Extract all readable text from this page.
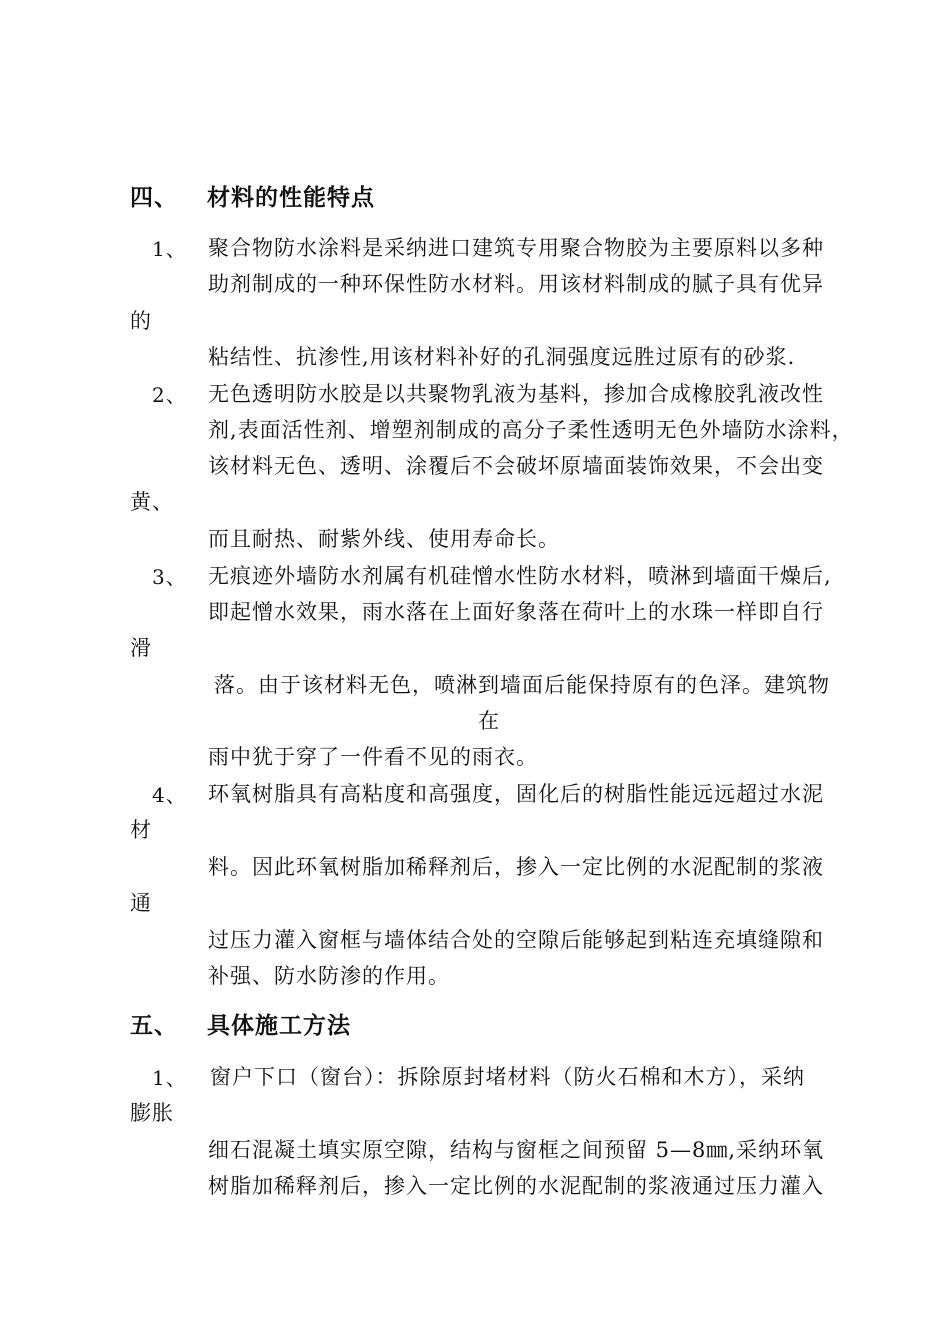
四、 材料的性能特点
1、 聚合物防水涂料是采纳进口建筑专用聚合物胶为主要原料以多种
助剂制成的一种环保性防水材料。用该材料制成的腻子具有优异
的
粘结性、抗渗性,用该材料补好的孔洞强度远胜过原有的砂浆.
2、 无色透明防水胶是以共聚物乳液为基料，掺加合成橡胶乳液改性
剂,表面活性剂、增塑剂制成的高分子柔性透明无色外墙防水涂料，
该材料无色、透明、涂覆后不会破坏原墙面装饰效果，不会出变
黄、
而且耐热、耐紫外线、使用寿命长。
3、 无痕迹外墙防水剂属有机硅憎水性防水材料，喷淋到墙面干燥后,
即起憎水效果，雨水落在上面好象落在荷叶上的水珠一样即自行
滑
落。由于该材料无色，喷淋到墙面后能保持原有的色泽。建筑物
在
雨中犹于穿了一件看不见的雨衣。
4、 环氧树脂具有高粘度和高强度，固化后的树脂性能远远超过水泥
材
料。因此环氧树脂加稀释剂后，掺入一定比例的水泥配制的浆液
通
过压力灌入窗框与墙体结合处的空隙后能够起到粘连充填缝隙和
补强、防水防渗的作用。
五、 具体施工方法
1、 窗户下口（窗台）：拆除原封堵材料（防火石棉和木方），采纳
膨胀
细石混凝土填实原空隙，结构与窗框之间预留 5—8㎜,采纳环氧
树脂加稀释剂后，掺入一定比例的水泥配制的浆液通过压力灌入
